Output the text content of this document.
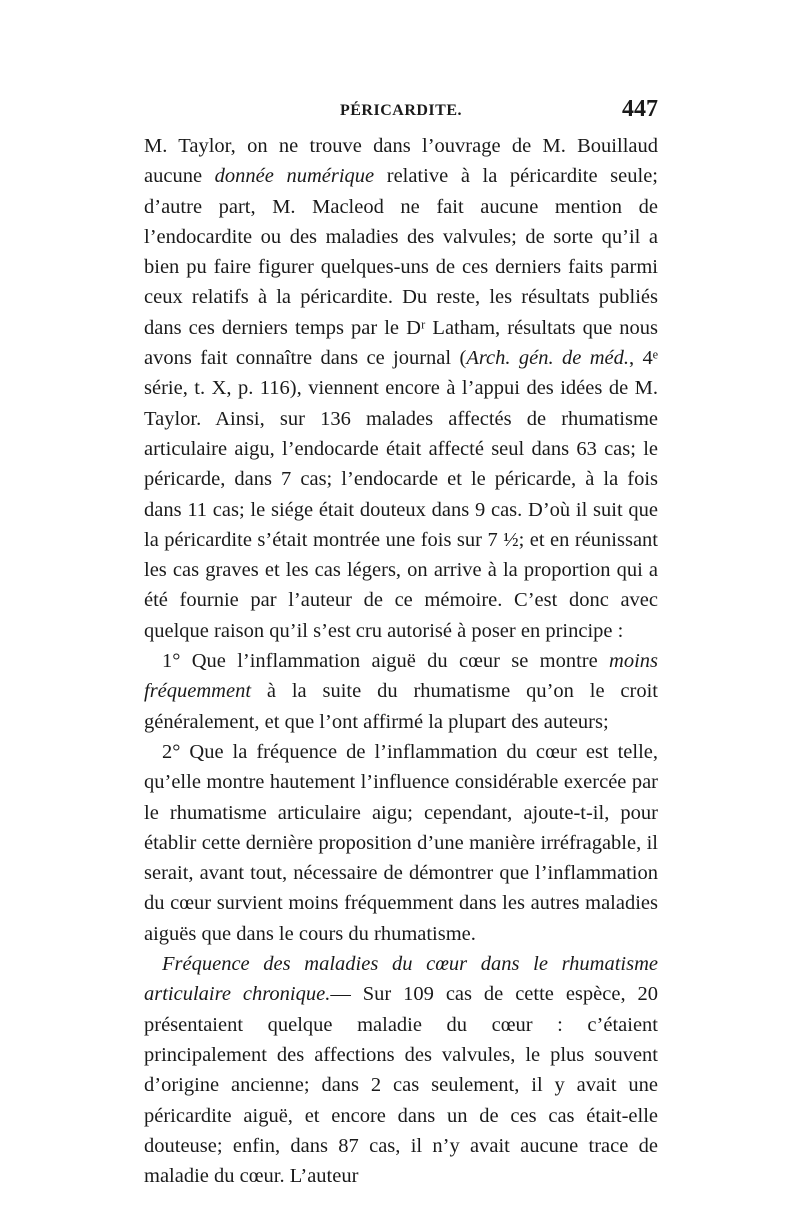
PÉRICARDITE.	447

M. Taylor, on ne trouve dans l’ouvrage de M. Bouillaud aucune donnée numérique relative à la péricardite seule; d’autre part, M. Macleod ne fait aucune mention de l’endocardite ou des maladies des valvules; de sorte qu’il a bien pu faire figurer quelques-uns de ces derniers faits parmi ceux relatifs à la péricardite. Du reste, les résultats publiés dans ces derniers temps par le Dʳ Latham, résultats que nous avons fait connaître dans ce journal (Arch. gén. de méd., 4ᵉ série, t. X, p. 116), viennent encore à l’appui des idées de M. Taylor. Ainsi, sur 136 malades affectés de rhumatisme articulaire aigu, l’endocarde était affecté seul dans 63 cas; le péricarde, dans 7 cas; l’endocarde et le péricarde, à la fois dans 11 cas; le siége était douteux dans 9 cas. D’où il suit que la péricardite s’était montrée une fois sur 7 ½; et en réunissant les cas graves et les cas légers, on arrive à la proportion qui a été fournie par l’auteur de ce mémoire. C’est donc avec quelque raison qu’il s’est cru autorisé à poser en principe :

1° Que l’inflammation aiguë du cœur se montre moins fréquemment à la suite du rhumatisme qu’on le croit généralement, et que l’ont affirmé la plupart des auteurs;

2° Que la fréquence de l’inflammation du cœur est telle, qu’elle montre hautement l’influence considérable exercée par le rhumatisme articulaire aigu; cependant, ajoute-t-il, pour établir cette dernière proposition d’une manière irréfragable, il serait, avant tout, nécessaire de démontrer que l’inflammation du cœur survient moins fréquemment dans les autres maladies aiguës que dans le cours du rhumatisme.

Fréquence des maladies du cœur dans le rhumatisme articulaire chronique.— Sur 109 cas de cette espèce, 20 présentaient quelque maladie du cœur : c’étaient principalement des affections des valvules, le plus souvent d’origine ancienne; dans 2 cas seulement, il y avait une péricardite aiguë, et encore dans un de ces cas était-elle douteuse; enfin, dans 87 cas, il n’y avait aucune trace de maladie du cœur. L’auteur
